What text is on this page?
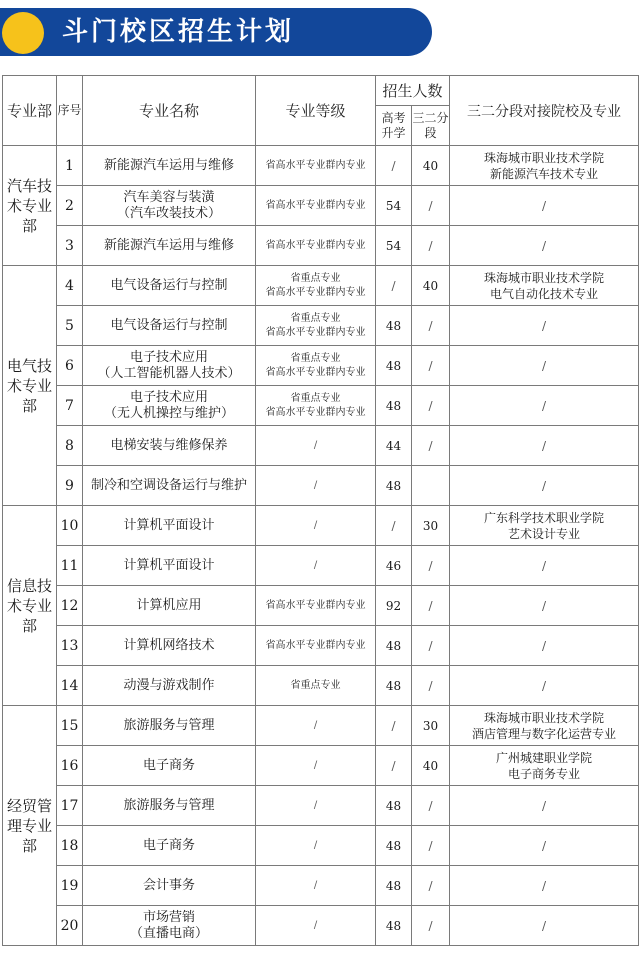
斗门校区招生计划
专业部	序号	专业名称	专业等级	招生人数		三二分段对接院校及专业
				高考升学	三二分段	
汽车技术专业部	1	新能源汽车运用与维修	省高水平专业群内专业	/	40	珠海城市职业技术学院
新能源汽车技术专业

	2	汽车美容与装潢
（汽车改装技术）	省高水平专业群内专业	54	/	/

	3	新能源汽车运用与维修	省高水平专业群内专业	54	/	/

电气技术专业部	4	电气设备运行与控制	省重点专业
省高水平专业群内专业	/	40	珠海城市职业技术学院
电气自动化技术专业

	5	电气设备运行与控制	省重点专业
省高水平专业群内专业	48	/	/

	6	电子技术应用
（人工智能机器人技术）	省重点专业
省高水平专业群内专业	48	/	/

	7	电子技术应用
（无人机操控与维护）	省重点专业
省高水平专业群内专业	48	/	/

	8	电梯安装与维修保养	/	44	/	/

	9	制冷和空调设备运行与维护	/	48		/

信息技术专业部	10	计算机平面设计	/	/	30	广东科学技术职业学院
艺术设计专业

	11	计算机平面设计	/	46	/	/

	12	计算机应用	省高水平专业群内专业	92	/	/

	13	计算机网络技术	省高水平专业群内专业	48	/	/

	14	动漫与游戏制作	省重点专业	48	/	/

经贸管理专业部	15	旅游服务与管理	/	/	30	珠海城市职业技术学院
酒店管理与数字化运营专业

	16	电子商务	/	/	40	广州城建职业学院
电子商务专业

	17	旅游服务与管理	/	48	/	/

	18	电子商务	/	48	/	/

	19	会计事务	/	48	/	/

	20	市场营销
（直播电商）	/	48	/	/
